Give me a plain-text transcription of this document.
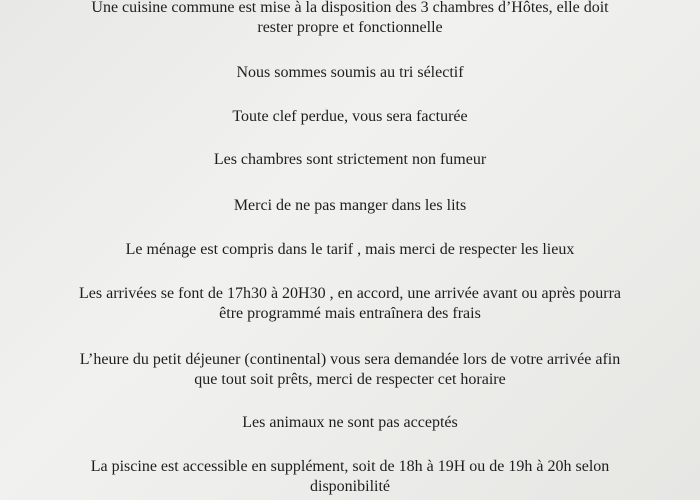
Une cuisine commune est mise à la disposition des 3 chambres d’Hôtes, elle doit
rester propre et fonctionnelle
Nous sommes soumis au tri sélectif
Toute clef perdue, vous sera facturée
Les chambres sont strictement non fumeur
Merci de ne pas manger dans les lits
Le ménage est compris dans le tarif , mais merci de respecter les lieux
Les arrivées se font de 17h30 à 20H30 , en accord, une arrivée avant ou après pourra
être programmé mais entraînera des frais
L’heure du petit déjeuner (continental) vous sera demandée lors de votre arrivée afin
que tout soit prêts, merci de respecter cet horaire
Les animaux ne sont pas acceptés
La piscine est accessible en supplément, soit de 18h à 19H ou de 19h à 20h selon
disponibilité
